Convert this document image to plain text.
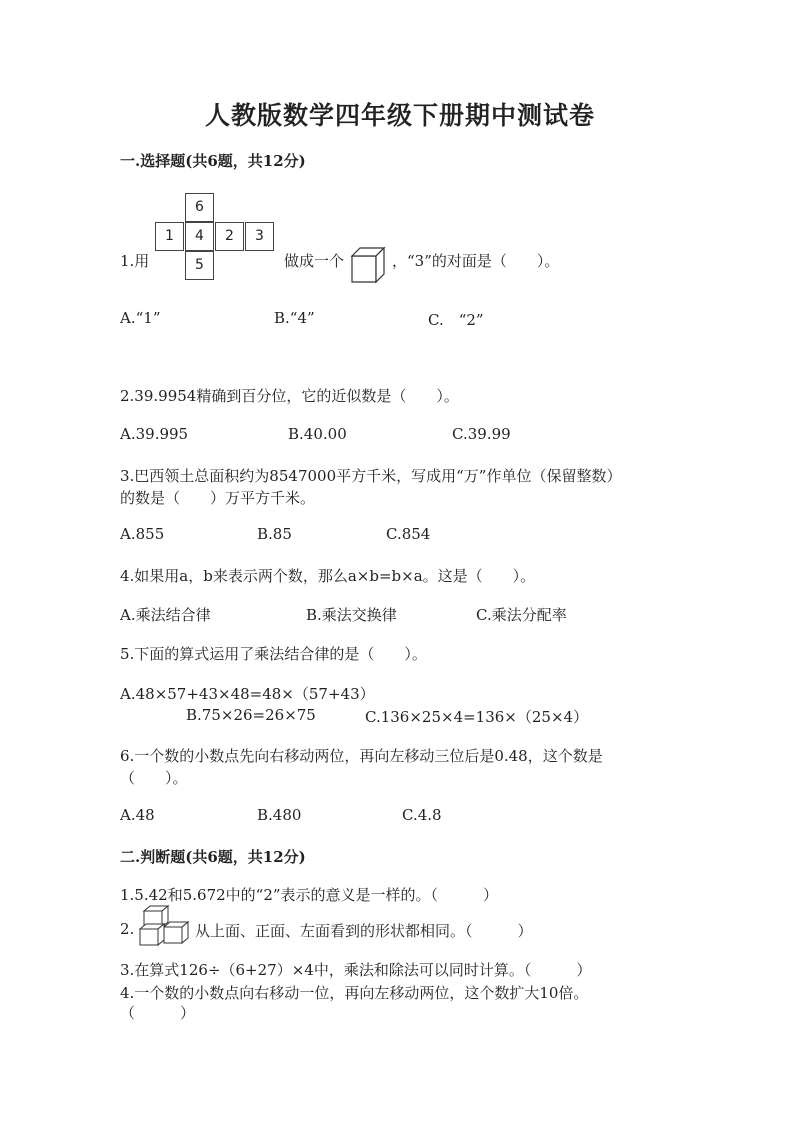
人教版数学四年级下册期中测试卷
一.选择题(共6题，共12分)
6
1	4	2	3
5
1.用	做成一个	，“3”的对面是（　　）。
A.“1”	B.“4”	C.　“2”
2.39.9954精确到百分位，它的近似数是（　　）。
A.39.995	B.40.00	C.39.99
3.巴西领土总面积约为8547000平方千米，写成用“万”作单位（保留整数）
的数是（　　）万平方千米。
A.855	B.85	C.854
4.如果用a，b来表示两个数，那么a×b=b×a。这是（　　）。
A.乘法结合律	B.乘法交换律	C.乘法分配率
5.下面的算式运用了乘法结合律的是（　　）。
A.48×57+43×48=48×（57+43）
B.75×26=26×75	C.136×25×4=136×（25×4）
6.一个数的小数点先向右移动两位，再向左移动三位后是0.48，这个数是
（　　）。
A.48	B.480	C.4.8
二.判断题(共6题，共12分)
1.5.42和5.672中的“2”表示的意义是一样的。（　　　）
2.	从上面、正面、左面看到的形状都相同。（　　　）
3.在算式126÷（6+27）×4中，乘法和除法可以同时计算。（　　　）
4.一个数的小数点向右移动一位，再向左移动两位，这个数扩大10倍。
（　　　）
